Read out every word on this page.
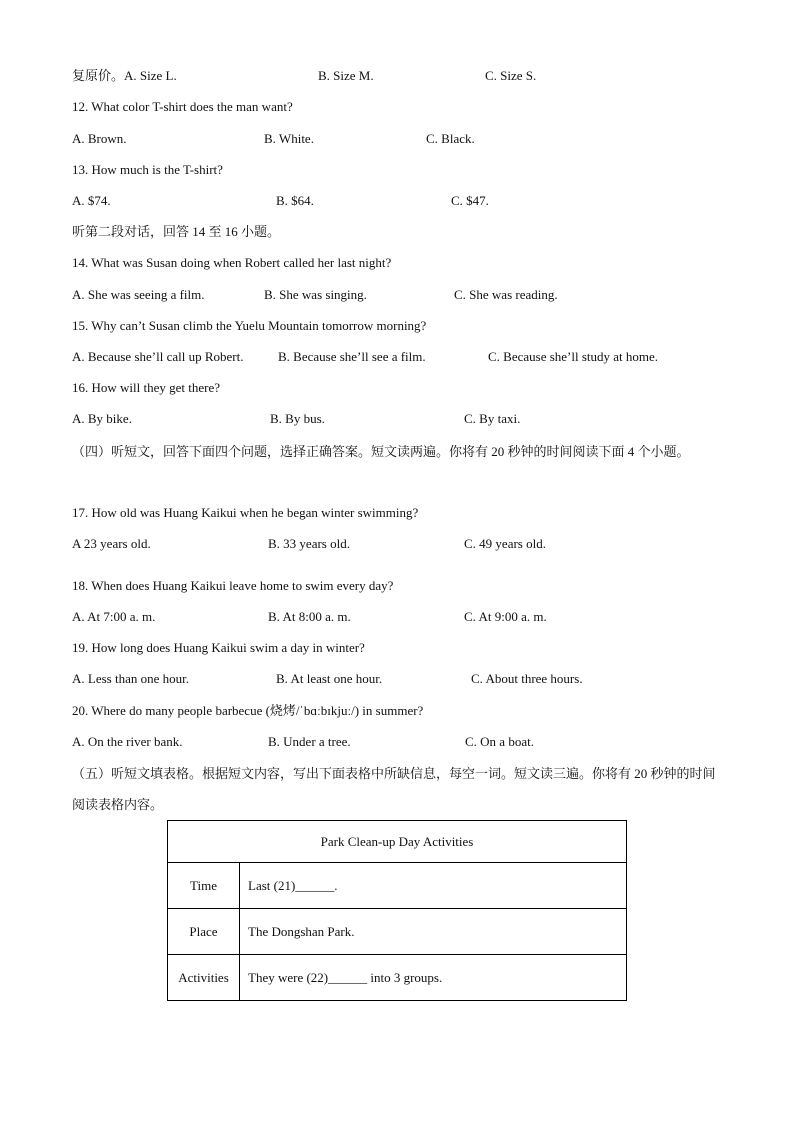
复原价。A. Size L.	B. Size M.	C. Size S.
12. What color T-shirt does the man want?
A. Brown.	B. White.	C. Black.
13. How much is the T-shirt?
A. $74.	B. $64.	C. $47.
听第二段对话，回答 14 至 16 小题。
14. What was Susan doing when Robert called her last night?
A. She was seeing a film.	B. She was singing.	C. She was reading.
15. Why can’t Susan climb the Yuelu Mountain tomorrow morning?
A. Because she’ll call up Robert.	B. Because she’ll see a film.	C. Because she’ll study at home.
16. How will they get there?
A. By bike.	B. By bus.	C. By taxi.
（四）听短文，回答下面四个问题，选择正确答案。短文读两遍。你将有 20 秒钟的时间阅读下面 4 个小题。
17. How old was Huang Kaikui when he began winter swimming?
A 23 years old.	B. 33 years old.	C. 49 years old.
18. When does Huang Kaikui leave home to swim every day?
A. At 7:00 a. m.	B. At 8:00 a. m.	C. At 9:00 a. m.
19. How long does Huang Kaikui swim a day in winter?
A. Less than one hour.	B. At least one hour.	C. About three hours.
20. Where do many people barbecue (烧烤/ˈbɑːbɪkjuː/) in summer?
A. On the river bank.	B. Under a tree.	C. On a boat.
（五）听短文填表格。根据短文内容，写出下面表格中所缺信息，每空一词。短文读三遍。你将有 20 秒钟的时间阅读表格内容。
Park Clean-up Day Activities	
Time	Last (21)______.
Place	The Dongshan Park.
Activities	They were (22)______ into 3 groups.
